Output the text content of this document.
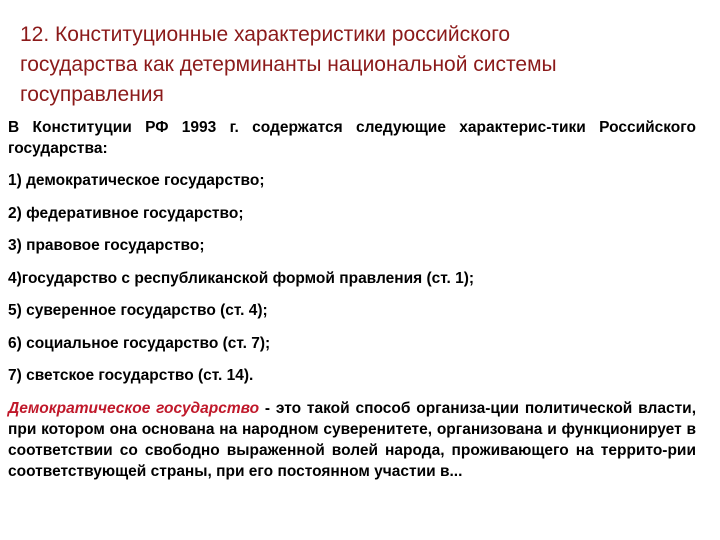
12. Конституционные характеристики российского
государства как детерминанты национальной системы
госуправления

В Конституции РФ 1993 г. содержатся следующие характерис-тики Российского государства:

1) демократическое государство;
2) федеративное государство;
3) правовое государство;
4)государство с республиканской формой правления (ст. 1);
5) суверенное государство (ст. 4);
6) социальное государство (ст. 7);
7) светское государство (ст. 14).

Демократическое государство - это такой способ организа-ции политической власти, при котором она основана на народном суверенитете, организована и функционирует в соответствии со свободно выраженной волей народа, проживающего на террито-рии соответствующей страны, при его постоянном участии в...
